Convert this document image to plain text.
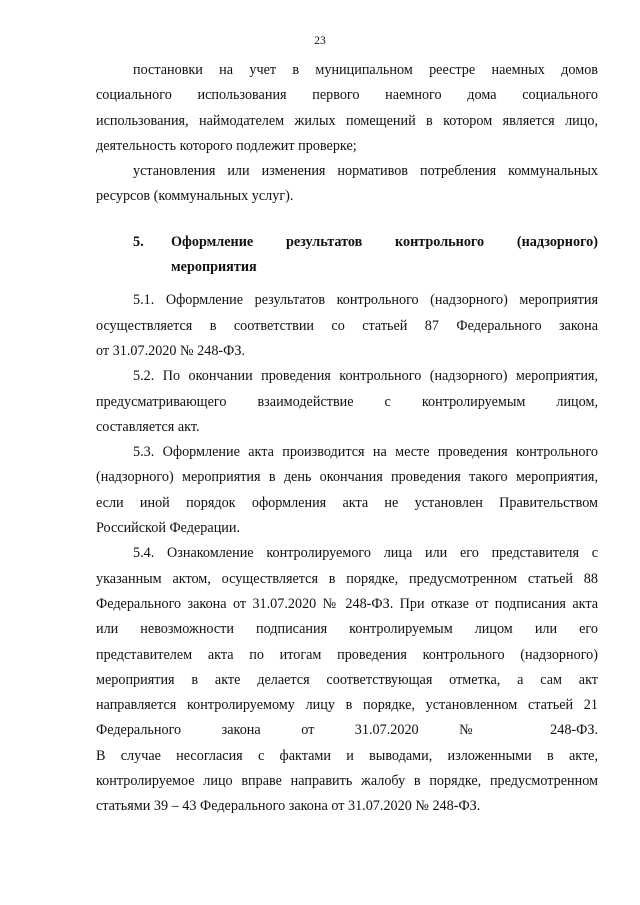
23
постановки на учет в муниципальном реестре наемных домов
социального использования первого наемного дома социального
использования, наймодателем жилых помещений в котором является лицо,
деятельность которого подлежит проверке;
установления или изменения нормативов потребления коммунальных
ресурсов (коммунальных услуг).
5.	Оформление результатов контрольного (надзорного)
мероприятия
5.1. Оформление результатов контрольного (надзорного) мероприятия
осуществляется в соответствии со статьей 87 Федерального закона
от 31.07.2020 № 248-ФЗ.
5.2. По окончании проведения контрольного (надзорного) мероприятия,
предусматривающего взаимодействие с контролируемым лицом,
составляется акт.
5.3. Оформление акта производится на месте проведения контрольного
(надзорного) мероприятия в день окончания проведения такого мероприятия,
если иной порядок оформления акта не установлен Правительством
Российской Федерации.
5.4. Ознакомление контролируемого лица или его представителя с
указанным актом, осуществляется в порядке, предусмотренном статьей 88
Федерального закона от 31.07.2020 № 248-ФЗ. При отказе от подписания акта
или невозможности подписания контролируемым лицом или его
представителем акта по итогам проведения контрольного (надзорного)
мероприятия в акте делается соответствующая отметка, а сам акт
направляется контролируемому лицу в порядке, установленном статьей 21
Федерального закона от 31.07.2020 № 248-ФЗ.
В случае несогласия с фактами и выводами, изложенными в акте,
контролируемое лицо вправе направить жалобу в порядке, предусмотренном
статьями 39 – 43 Федерального закона от 31.07.2020 № 248-ФЗ.
